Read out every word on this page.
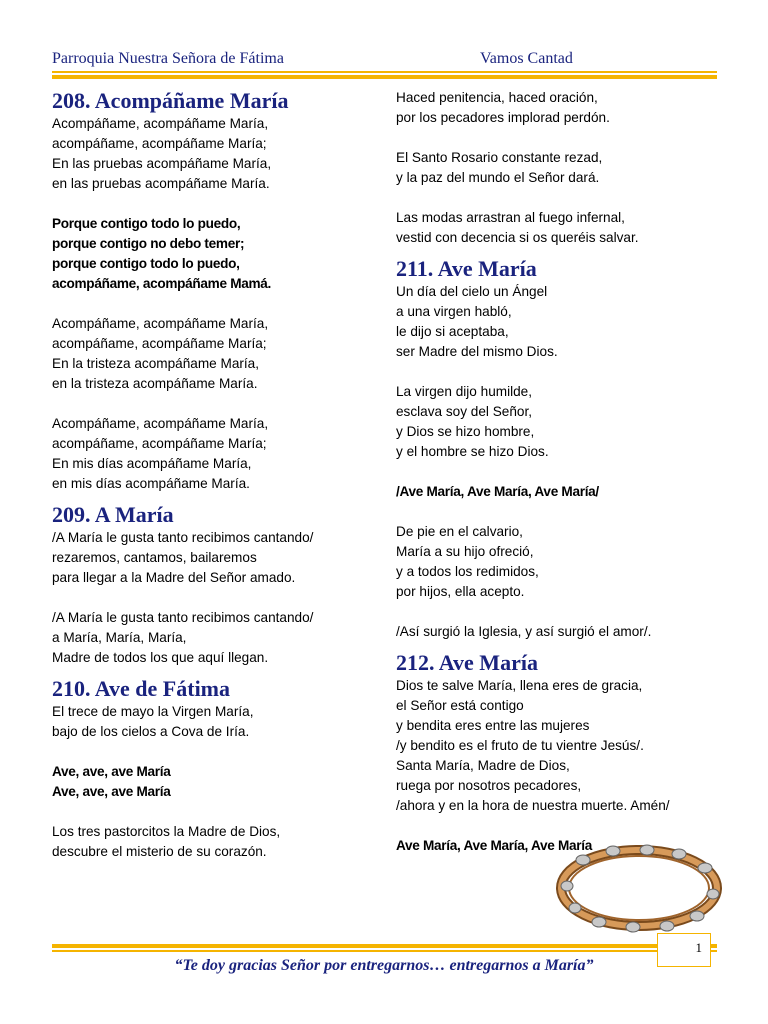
Parroquia Nuestra Señora de Fátima	Vamos Cantad
208. Acompáñame María

Acompáñame, acompáñame María,

acompáñame, acompáñame María;

En las pruebas acompáñame María,

en las pruebas acompáñame María.

Porque contigo todo lo puedo,

porque contigo no debo temer;

porque contigo todo lo puedo,

acompáñame, acompáñame Mamá.

Acompáñame, acompáñame María,

acompáñame, acompáñame María;

En la tristeza acompáñame María,

en la tristeza acompáñame María.

Acompáñame, acompáñame María,

acompáñame, acompáñame María;

En mis días acompáñame María,

en mis días acompáñame María.

209. A María

/A María le gusta tanto recibimos cantando/

rezaremos, cantamos, bailaremos

para llegar a la Madre del Señor amado.

/A María le gusta tanto recibimos cantando/

a María, María, María,

Madre de todos los que aquí llegan.

210. Ave de Fátima

El trece de mayo la Virgen María,

bajo de los cielos a Cova de Iría.

Ave, ave, ave María

Ave, ave, ave María

Los tres pastorcitos la Madre de Dios,

descubre el misterio de su corazón.

Haced penitencia, haced oración,

por los pecadores implorad perdón.

El Santo Rosario constante rezad,

y la paz del mundo el Señor dará.

Las modas arrastran al fuego infernal,

vestid con decencia si os queréis salvar.

211. Ave María

Un día del cielo un Ángel

a una virgen habló,

le dijo si aceptaba,

ser Madre del mismo Dios.

La virgen dijo humilde,

esclava soy del Señor,

y Dios se hizo hombre,

y el hombre se hizo Dios.

/Ave María, Ave María, Ave María/

De pie en el calvario,

María a su hijo ofreció,

y a todos los redimidos,

por hijos, ella acepto.

/Así surgió la Iglesia, y así surgió el amor/.

212. Ave María

Dios te salve María, llena eres de gracia,

el Señor está contigo

y bendita eres entre las mujeres

/y bendito es el fruto de tu vientre Jesús/.

Santa María, Madre de Dios,

ruega por nosotros pecadores,

/ahora y en la hora de nuestra muerte. Amén/

Ave María, Ave María, Ave María

1
“Te doy gracias Señor por entregarnos… entregarnos a María”
